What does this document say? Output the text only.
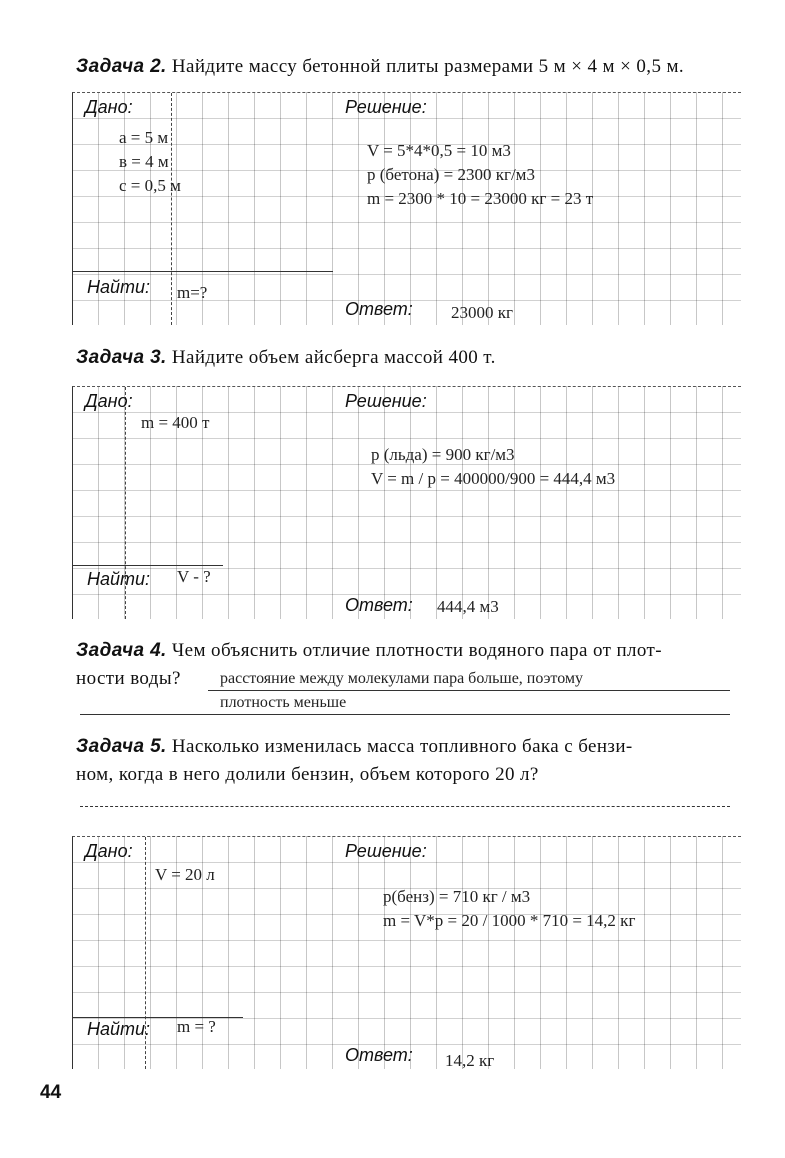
Задача 2. Найдите массу бетонной плиты размерами 5 м × 4 м × 0,5 м.
Дано:
а = 5 м
в = 4 м
с = 0,5 м
Найти: m=?
Решение:
V = 5*4*0,5 = 10 м3
p (бетона) = 2300 кг/м3
m = 2300 * 10 = 23000 кг = 23 т
Ответ: 23000 кг
Задача 3. Найдите объем айсберга массой 400 т.
Дано:
m = 400 т
Найти: V - ?
Решение:
p (льда) = 900 кг/м3
V = m / p = 400000/900 = 444,4 м3
Ответ: 444,4 м3
Задача 4. Чем объяснить отличие плотности водяного пара от плот-
ности воды? расстояние между молекулами пара больше, поэтому
плотность меньше
Задача 5. Насколько изменилась масса топливного бака с бензи-
ном, когда в него долили бензин, объем которого 20 л?
Дано:
V = 20 л
Найти: m = ?
Решение:
p(бенз) = 710 кг / м3
m = V*p = 20 / 1000 * 710 = 14,2 кг
Ответ: 14,2 кг
44
